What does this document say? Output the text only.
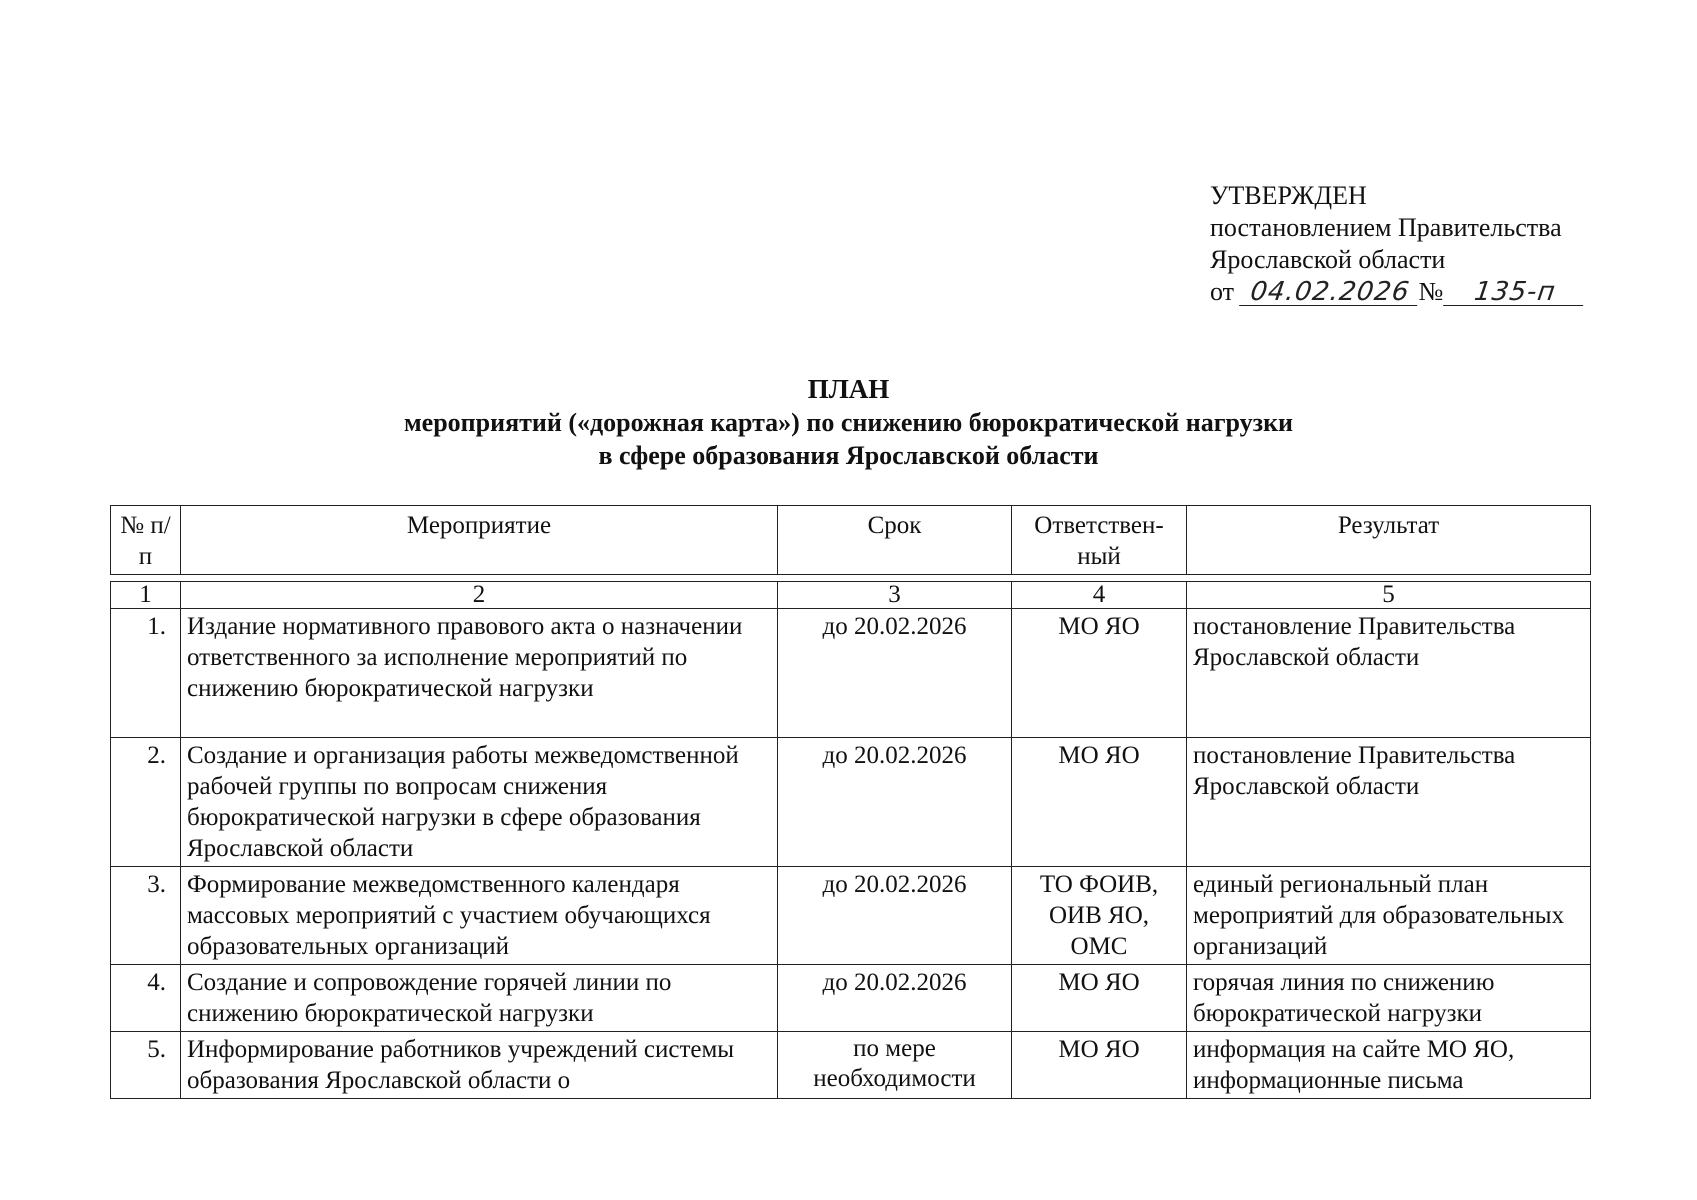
УТВЕРЖДЕН
постановлением Правительства
Ярославской области
от 04.02.2026 № 135-п
ПЛАН
мероприятий («дорожная карта») по снижению бюрократической нагрузки
в сфере образования Ярославской области
№ п/п	Мероприятие	Срок	Ответствен-ный	Результат

1	2	3	4	5
1.	Издание нормативного правового акта о назначении ответственного за исполнение мероприятий по снижению бюрократической нагрузки	до 20.02.2026	МО ЯО	постановление Правительства Ярославской области
2.	Создание и организация работы межведомственной рабочей группы по вопросам снижения бюрократической нагрузки в сфере образования Ярославской области	до 20.02.2026	МО ЯО	постановление Правительства Ярославской области
3.	Формирование межведомственного календаря массовых мероприятий с участием обучающихся образовательных организаций	до 20.02.2026	ТО ФОИВ, ОИВ ЯО, ОМС	единый региональный план мероприятий для образовательных организаций
4.	Создание и сопровождение горячей линии по снижению бюрократической нагрузки	до 20.02.2026	МО ЯО	горячая линия по снижению бюрократической нагрузки
5.	Информирование работников учреждений системы образования Ярославской области о	по мере необходимости	МО ЯО	информация на сайте МО ЯО, информационные письма
